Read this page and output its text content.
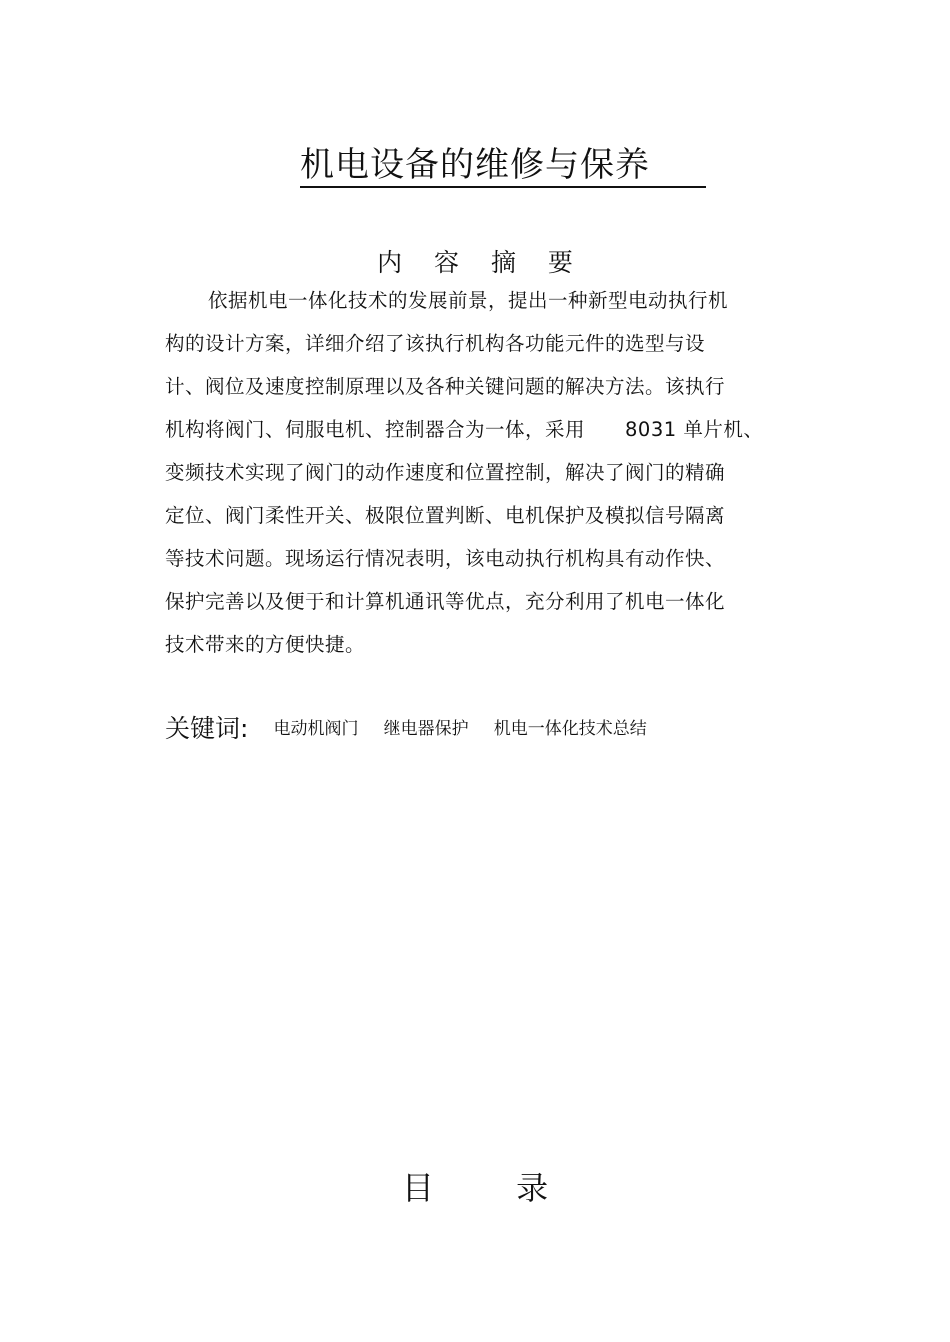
机电设备的维修与保养
内 容 摘 要
依据机电一体化技术的发展前景，提出一种新型电动执行机
构的设计方案，详细介绍了该执行机构各功能元件的选型与设
计、阀位及速度控制原理以及各种关键问题的解决方法。该执行
机构将阀门、伺服电机、控制器合为一体，采用　　8031 单片机、
变频技术实现了阀门的动作速度和位置控制，解决了阀门的精确
定位、阀门柔性开关、极限位置判断、电机保护及模拟信号隔离
等技术问题。现场运行情况表明，该电动执行机构具有动作快、
保护完善以及便于和计算机通讯等优点，充分利用了机电一体化
技术带来的方便快捷。
关键词: 电动机阀门 继电器保护 机电一体化技术总结
目 录
